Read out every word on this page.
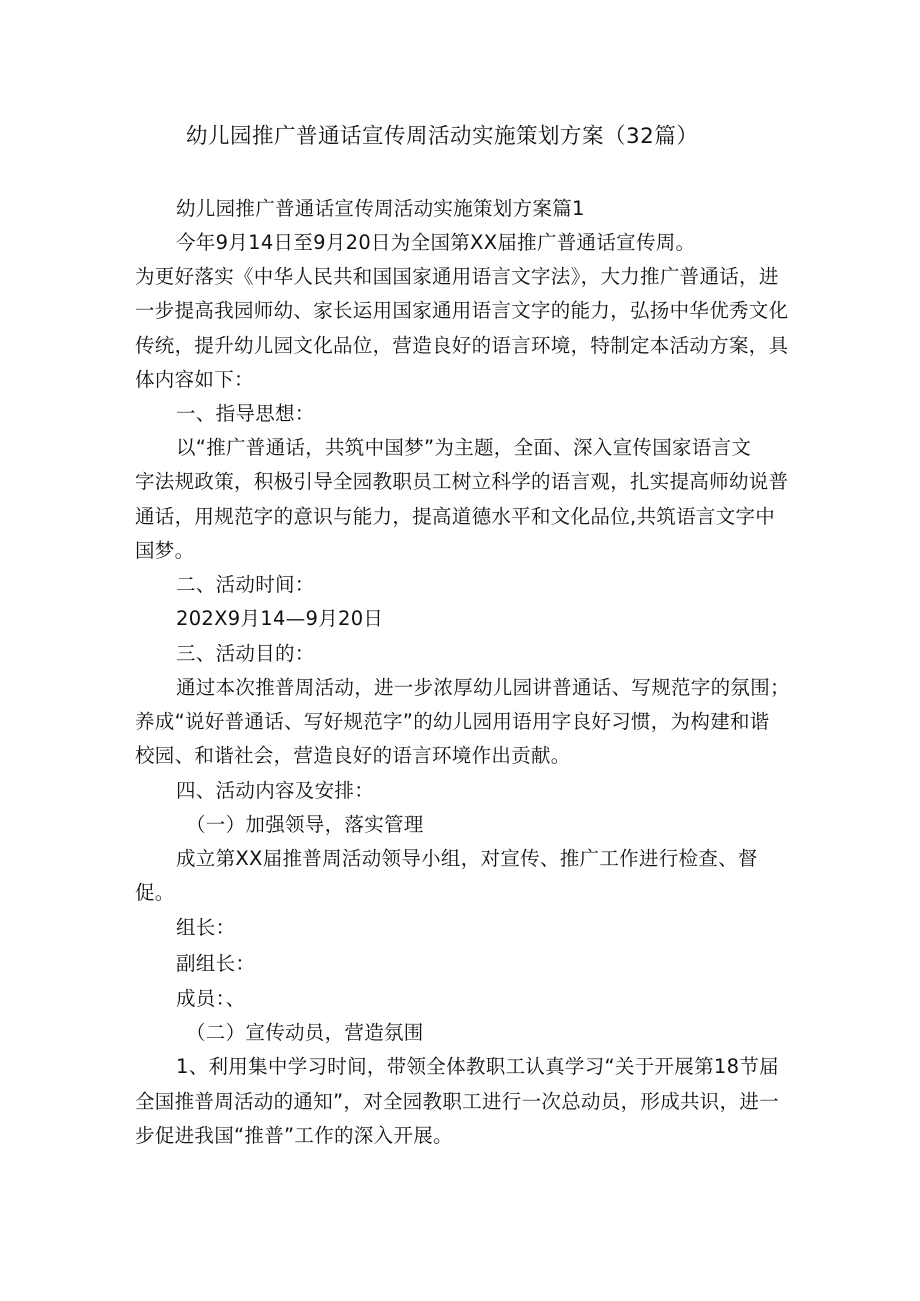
幼儿园推广普通话宣传周活动实施策划方案（32篇）
幼儿园推广普通话宣传周活动实施策划方案篇1
今年9月14日至9月20日为全国第XX届推广普通话宣传周。
为更好落实《中华人民共和国国家通用语言文字法》，大力推广普通话，进
一步提高我园师幼、家长运用国家通用语言文字的能力，弘扬中华优秀文化
传统，提升幼儿园文化品位，营造良好的语言环境，特制定本活动方案，具
体内容如下：
一、指导思想：
以“推广普通话，共筑中国梦”为主题，全面、深入宣传国家语言文
字法规政策，积极引导全园教职员工树立科学的语言观，扎实提高师幼说普
通话，用规范字的意识与能力，提高道德水平和文化品位,共筑语言文字中
国梦。
二、活动时间：
202X9月14—9月20日
三、活动目的：
通过本次推普周活动，进一步浓厚幼儿园讲普通话、写规范字的氛围；
养成“说好普通话、写好规范字”的幼儿园用语用字良好习惯，为构建和谐
校园、和谐社会，营造良好的语言环境作出贡献。
四、活动内容及安排：
（一）加强领导，落实管理
成立第XX届推普周活动领导小组，对宣传、推广工作进行检查、督
促。
组长：
副组长：
成员：、
（二）宣传动员，营造氛围
1、利用集中学习时间，带领全体教职工认真学习“关于开展第18节届
全国推普周活动的通知”，对全园教职工进行一次总动员，形成共识，进一
步促进我国“推普”工作的深入开展。
